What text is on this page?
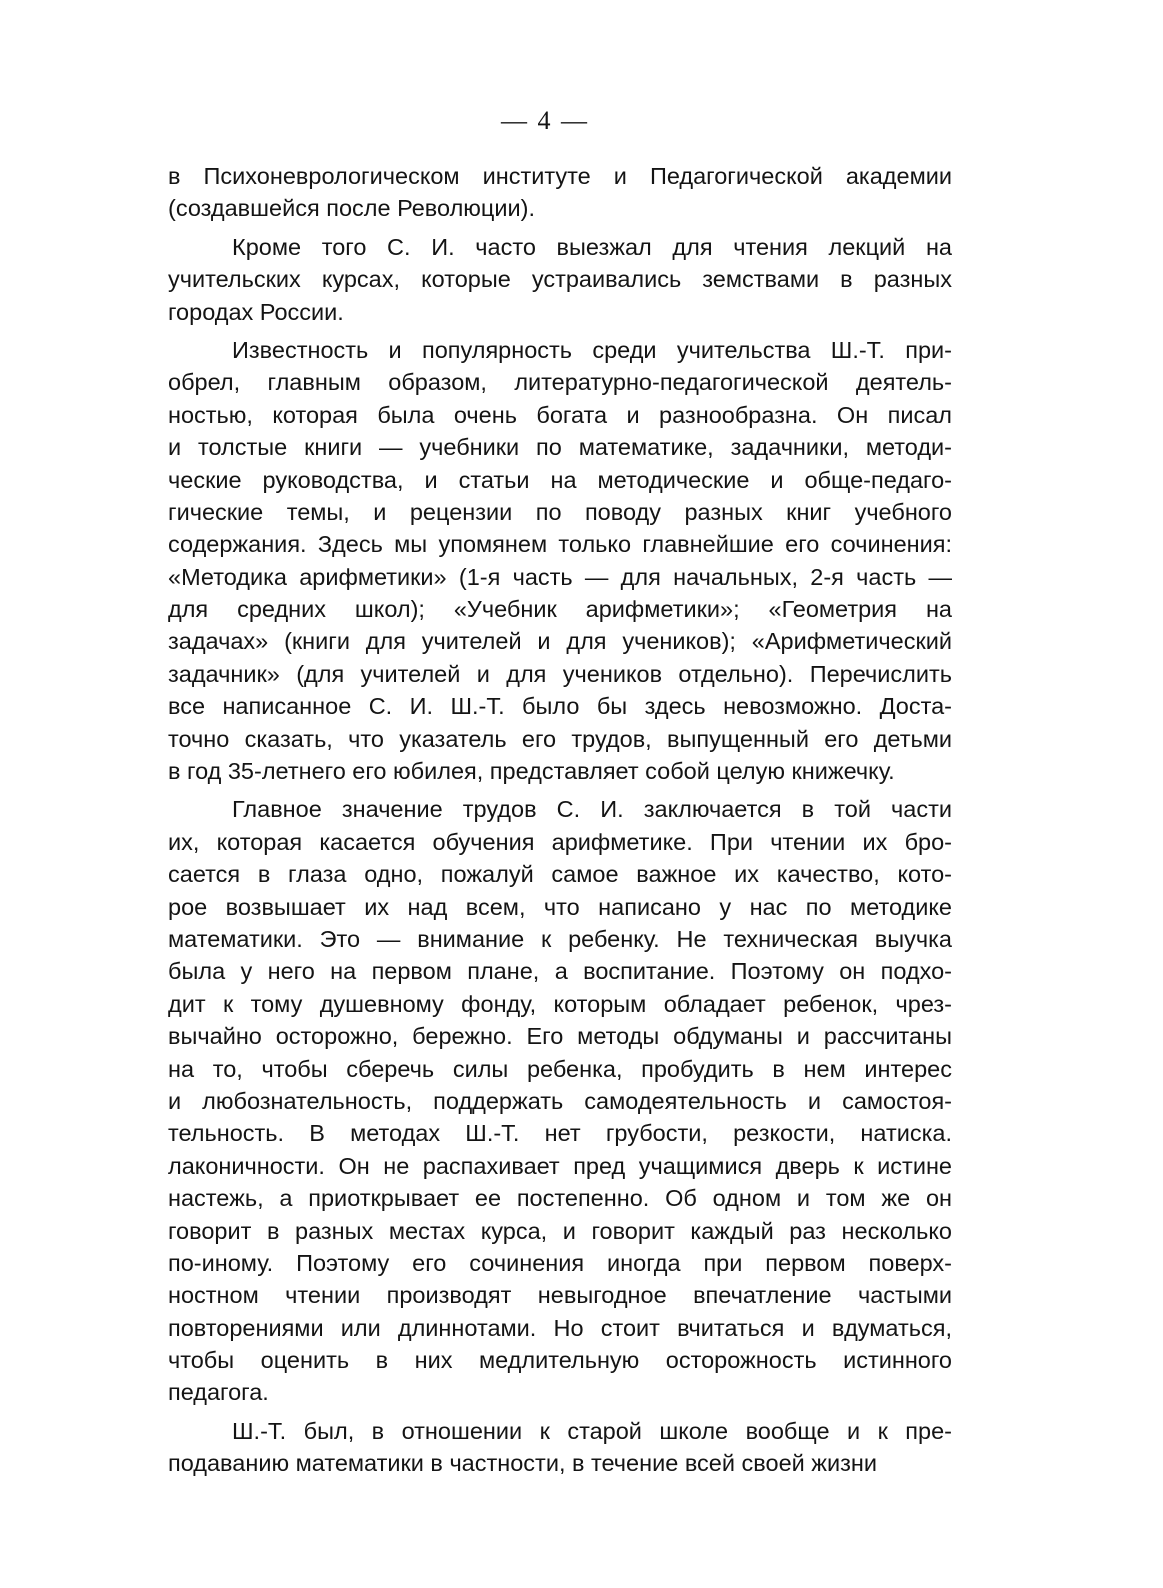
— 4 —
в Психоневрологическом институте и Педагогической академии
(создавшейся после Революции).
Кроме того С. И. часто выезжал для чтения лекций на
учительских курсах, которые устраивались земствами в разных
городах России.
Известность и популярность среди учительства Ш.-Т. при-
обрел, главным образом, литературно-педагогической деятель-
ностью, которая была очень богата и разнообразна. Он писал
и толстые книги — учебники по математике, задачники, методи-
ческие руководства, и статьи на методические и обще-педаго-
гические темы, и рецензии по поводу разных книг учебного
содержания. Здесь мы упомянем только главнейшие его сочинения:
«Методика арифметики» (1-я часть — для начальных, 2-я часть —
для средних школ); «Учебник арифметики»; «Геометрия на
задачах» (книги для учителей и для учеников); «Арифметический
задачник» (для учителей и для учеников отдельно). Перечислить
все написанное С. И. Ш.-Т. было бы здесь невозможно. Доста-
точно сказать, что указатель его трудов, выпущенный его детьми
в год 35-летнего его юбилея, представляет собой целую книжечку.
Главное значение трудов С. И. заключается в той части
их, которая касается обучения арифметике. При чтении их бро-
сается в глаза одно, пожалуй самое важное их качество, кото-
рое возвышает их над всем, что написано у нас по методике
математики. Это — внимание к ребенку. Не техническая выучка
была у него на первом плане, а воспитание. Поэтому он подхо-
дит к тому душевному фонду, которым обладает ребенок, чрез-
вычайно осторожно, бережно. Его методы обдуманы и рассчитаны
на то, чтобы сберечь силы ребенка, пробудить в нем интерес
и любознательность, поддержать самодеятельность и самостоя-
тельность. В методах Ш.-Т. нет грубости, резкости, натиска.
лаконичности. Он не распахивает пред учащимися дверь к истине
настежь, а приоткрывает ее постепенно. Об одном и том же он
говорит в разных местах курса, и говорит каждый раз несколько
по-иному. Поэтому его сочинения иногда при первом поверх-
ностном чтении производят невыгодное впечатление частыми
повторениями или длиннотами. Но стоит вчитаться и вдуматься,
чтобы оценить в них медлительную осторожность истинного
педагога.
Ш.-Т. был, в отношении к старой школе вообще и к пре-
подаванию математики в частности, в течение всей своей жизни
